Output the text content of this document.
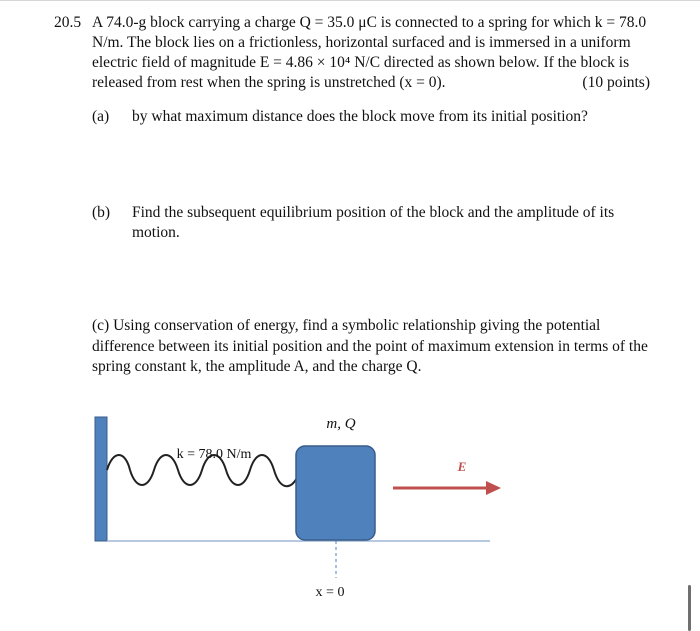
20.5 A 74.0-g block carrying a charge Q = 35.0 μC is connected to a spring for which k = 78.0
N/m. The block lies on a frictionless, horizontal surfaced and is immersed in a uniform
electric field of magnitude E = 4.86 × 10⁴ N/C directed as shown below. If the block is
released from rest when the spring is unstretched (x = 0).	(10 points)
(a) by what maximum distance does the block move from its initial position?
(b) Find the subsequent equilibrium position of the block and the amplitude of its
motion.
(c) Using conservation of energy, find a symbolic relationship giving the potential
difference between its initial position and the point of maximum extension in terms of the
spring constant k, the amplitude A, and the charge Q.
m, Q
k = 78.0 N/m
E
x = 0
